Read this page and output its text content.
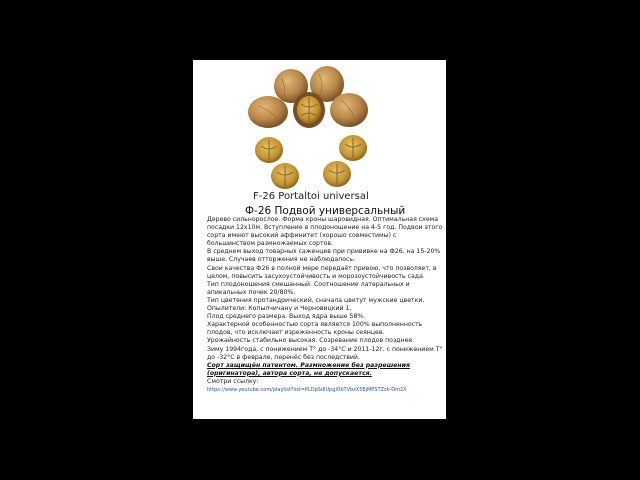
F-26 Portaltoi universal
Ф-26 Подвой универсальный

Дерево сильнорослое. Форма кроны шаровидная. Оптимальная схема посадки 12х10м. Вступление в плодоношение на 4-5 год. Подвои этого сорта имеют высокий аффинитет (хорошо совместимы) с большинством размножаемых сортов.

В среднем выход товарных саженцев при прививке на Ф26, на 15-20% выше. Случаев отторжения не наблюдалось.

Свои качества Ф26 в полной мере передаёт привою, что позволяет, в целом, повысить засухоустойчивость и морозоустойчивость сада.

Тип плодоношения смешанный. Соотношение латеральных и апикальных почек 20/80%.

Тип цветения протандрический, сначала цветут мужские цветки.

Опылители: Копылчичану и Черновицкий 1.

Плод среднего размера. Выход ядра выше 58%.

Характерной особенностью сорта является 100% выполненность плодов, что исключает изреженность кроны сеянцев.

Урожайность стабильно высокая. Созревание плодов позднее.

Зиму 1994года, с понижением T° до -34°С и 2011-12г. с понижением T° до -32°С в феврале, перенёс без последствий.

Сорт защищён патентом. Размножение без разрешения (оригинатора), автора сорта, не допускается.

Смотри ссылку:

https://www.youtube.com/playlist?list=PLDpSdlUpgXlbTVbzX5EjMPSTZzk-Dm2X
